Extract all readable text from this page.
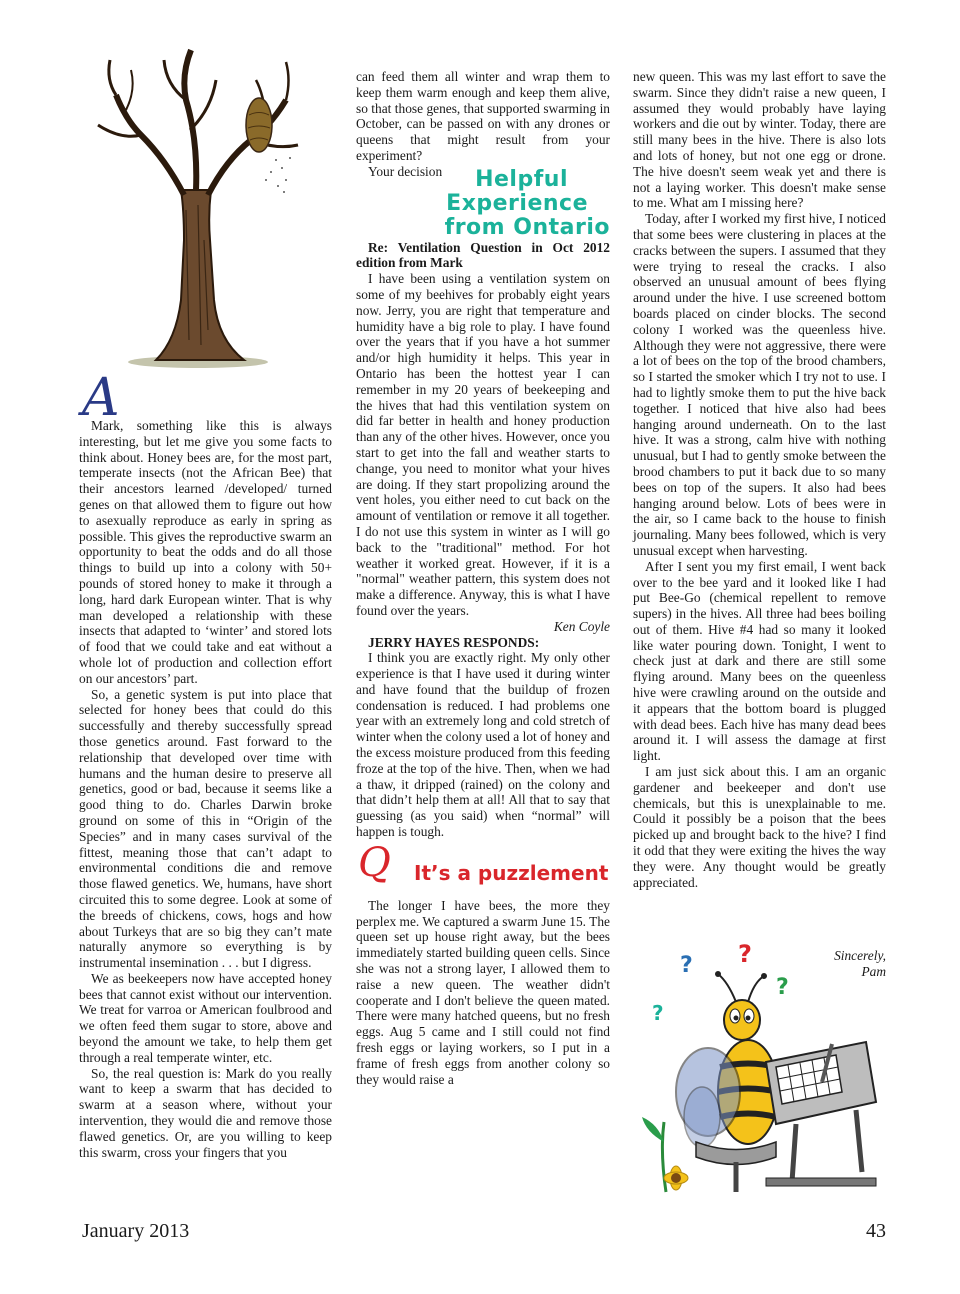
A

Mark, something like this is always interesting, but let me give you some facts to think about. Honey bees are, for the most part, temperate insects (not the African Bee) that their ancestors learned /developed/ turned genes on that allowed them to figure out how to asexually reproduce as early in spring as possible. This gives the reproductive swarm an opportunity to beat the odds and do all those things to build up into a colony with 50+ pounds of stored honey to make it through a long, hard dark European winter. That is why man developed a relationship with these insects that adapted to ‘winter’ and stored lots of food that we could take and eat without a whole lot of production and collection effort on our ancestors’ part.

So, a genetic system is put into place that selected for honey bees that could do this successfully and thereby successfully spread those genetics around. Fast forward to the relationship that developed over time with humans and the human desire to preserve all genetics, good or bad, because it seems like a good thing to do. Charles Darwin broke ground on some of this in “Origin of the Species” and in many cases survival of the fittest, meaning those that can’t adapt to environmental conditions die and remove those flawed genetics. We, humans, have short circuited this to some degree. Look at some of the breeds of chickens, cows, hogs and how about Turkeys that are so big they can’t mate naturally anymore so everything is by instrumental insemination . . . but I digress.

We as beekeepers now have accepted honey bees that cannot exist without our intervention. We treat for varroa or American foulbrood and we often feed them sugar to store, above and beyond the amount we take, to help them get through a real temperate winter, etc.

So, the real question is: Mark do you really want to keep a swarm that has decided to swarm at a season where, without your intervention, they would die and remove those flawed genetics. Or, are you willing to keep this swarm, cross your fingers that you

can feed them all winter and wrap them to keep them warm enough and keep them alive, so that those genes, that supported swarming in October, can be passed on with any drones or queens that might result from your experiment?

Your decision	Helpful
Experience
from Ontario

Re: Ventilation Question in Oct 2012 edition from Mark

I have been using a ventilation system on some of my beehives for probably eight years now. Jerry, you are right that temperature and humidity have a big role to play. I have found over the years that if you have a hot summer and/or high humidity it helps. This year in Ontario has been the hottest year I can remember in my 20 years of beekeeping and the hives that had this ventilation system on did far better in health and honey production than any of the other hives. However, once you start to get into the fall and weather starts to change, you need to monitor what your hives are doing. If they start propolizing around the vent holes, you either need to cut back on the amount of ventilation or remove it all together. I do not use this system in winter as I will go back to the "traditional" method. For hot weather it worked great. However, if it is a "normal" weather pattern, this system does not make a difference. Anyway, this is what I have found over the years.

Ken Coyle

JERRY HAYES RESPONDS:

I think you are exactly right. My only other experience is that I have used it during winter and have found that the buildup of frozen condensation is reduced. I had problems one year with an extremely long and cold stretch of winter when the colony used a lot of honey and the excess moisture produced from this feeding froze at the top of the hive. Then, when we had a thaw, it dripped (rained) on the colony and that didn’t help them at all! All that to say that guessing (as you said) when “normal” will happen is tough.

Q It’s a puzzlement

The longer I have bees, the more they perplex me. We captured a swarm June 15. The queen set up house right away, but the bees immediately started building queen cells. Since she was not a strong layer, I allowed them to raise a new queen. The weather didn't cooperate and I don't believe the queen mated. There were many hatched queens, but no fresh eggs. Aug 5 came and I still could not find fresh eggs or laying workers, so I put in a frame of fresh eggs from another colony so they would raise a

new queen. This was my last effort to save the swarm. Since they didn't raise a new queen, I assumed they would probably have laying workers and die out by winter. Today, there are still many bees in the hive. There is also lots and lots of honey, but not one egg or drone. The hive doesn't seem weak yet and there is not a laying worker. This doesn't make sense to me. What am I missing here?

Today, after I worked my first hive, I noticed that some bees were clustering in places at the cracks between the supers. I assumed that they were trying to reseal the cracks. I also observed an unusual amount of bees flying around under the hive. I use screened bottom boards placed on cinder blocks. The second colony I worked was the queenless hive. Although they were not aggressive, there were a lot of bees on the top of the brood chambers, so I started the smoker which I try not to use. I had to lightly smoke them to put the hive back together. I noticed that hive also had bees hanging around underneath. On to the last hive. It was a strong, calm hive with nothing unusual, but I had to gently smoke between the brood chambers to put it back due to so many bees on top of the supers. It also had bees hanging around below. Lots of bees were in the air, so I came back to the house to finish journaling. Many bees followed, which is very unusual except when harvesting.

After I sent you my first email, I went back over to the bee yard and it looked like I had put Bee-Go (chemical repellent to remove supers) in the hives. All three had bees boiling out of them. Hive #4 had so many it looked like water pouring down. Tonight, I went to check just at dark and there are still some flying around. Many bees on the queenless hive were crawling around on the outside and it appears that the bottom board is plugged with dead bees. Each hive has many dead bees around it. I will assess the damage at first light.

I am just sick about this. I am an organic gardener and beekeeper and don't use chemicals, but this is unexplainable to me. Could it possibly be a poison that the bees picked up and brought back to the hive? I find it odd that they were exiting the hives the way they were. Any thought would be greatly appreciated.

Sincerely,
Pam
? ?
?
?
January 2013	43
